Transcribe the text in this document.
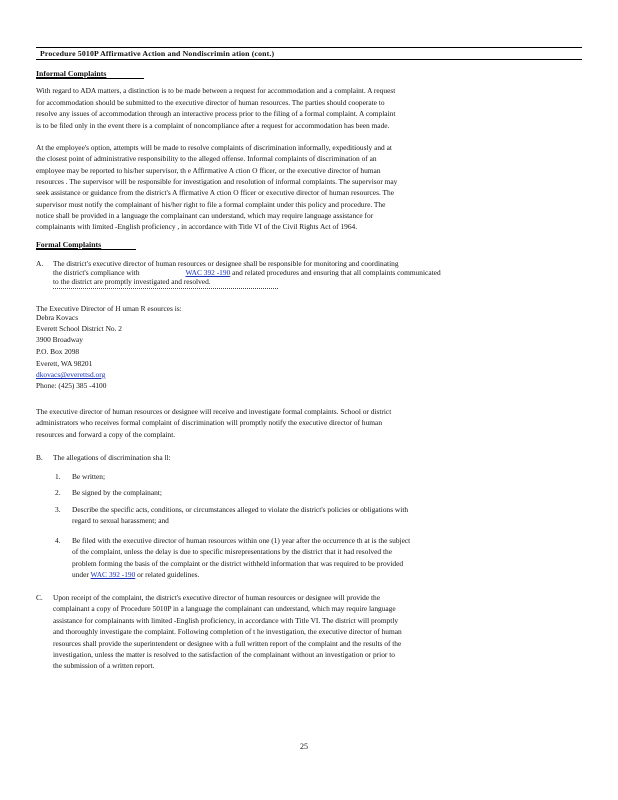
Procedure 5010P Affirmative Action and Nondiscrimin ation (cont.)
Informal Complaints
With regard to ADA matters, a distinction is to be made between a request for accommodation and a complaint. A request
for accommodation should be submitted to the executive director of human resources. The parties should cooperate to
resolve any issues of accommodation through an interactive process prior to the filing of a formal complaint. A complaint
is to be filed only in the event there is a complaint of noncompliance after a request for accommodation has been made.
At the employee's option, attempts will be made to resolve complaints of discrimination informally, expeditiously and at
the closest point of administrative responsibility to the alleged offense. Informal complaints of discrimination of an
employee may be reported to his/her supervisor, th e Affirmative A ction O fficer, or the executive director of human
resources . The supervisor will be responsible for investigation and resolution of informal complaints. The supervisor may
seek assistance or guidance from the district's A ffirmative A ction O fficer or executive director of human resources. The
supervisor must notify the complainant of his/her right to file a formal complaint under this policy and procedure. The
notice shall be provided in a language the complainant can understand, which may require language assistance for
complainants with limited -English proficiency , in accordance with Title VI of the Civil Rights Act of 1964.
Formal Complaints
A. The district's executive director of human resources or designee shall be responsible for monitoring and coordinating
the district's compliance with	WAC 392 -190 and related procedures and ensuring that all complaints communicated
to the district are promptly investigated and resolved.
The Executive Director of H uman R esources is:
Debra Kovacs
Everett School District No. 2
3900 Broadway
P.O. Box 2098
Everett, WA 98201
dkovacs@everettsd.org
Phone: (425) 385 -4100
The executive director of human resources or designee will receive and investigate formal complaints. School or district
administrators who receives formal complaint of discrimination will promptly notify the executive director of human
resources and forward a copy of the complaint.
B. The allegations of discrimination sha ll:
1. Be written;
2. Be signed by the complainant;
3. Describe the specific acts, conditions, or circumstances alleged to violate the district's policies or obligations with
regard to sexual harassment; and
4. Be filed with the executive director of human resources within one (1) year after the occurrence th at is the subject
of the complaint, unless the delay is due to specific misrepresentations by the district that it had resolved the
problem forming the basis of the complaint or the district withheld information that was required to be provided
under WAC 392 -190 or related guidelines.
C. Upon receipt of the complaint, the district's executive director of human resources or designee will provide the
complainant a copy of Procedure 5010P in a language the complainant can understand, which may require language
assistance for complainants with limited -English proficiency, in accordance with Title VI. The district will promptly
and thoroughly investigate the complaint. Following completion of t he investigation, the executive director of human
resources shall provide the superintendent or designee with a full written report of the complaint and the results of the
investigation, unless the matter is resolved to the satisfaction of the complainant without an investigation or prior to
the submission of a written report.
25
